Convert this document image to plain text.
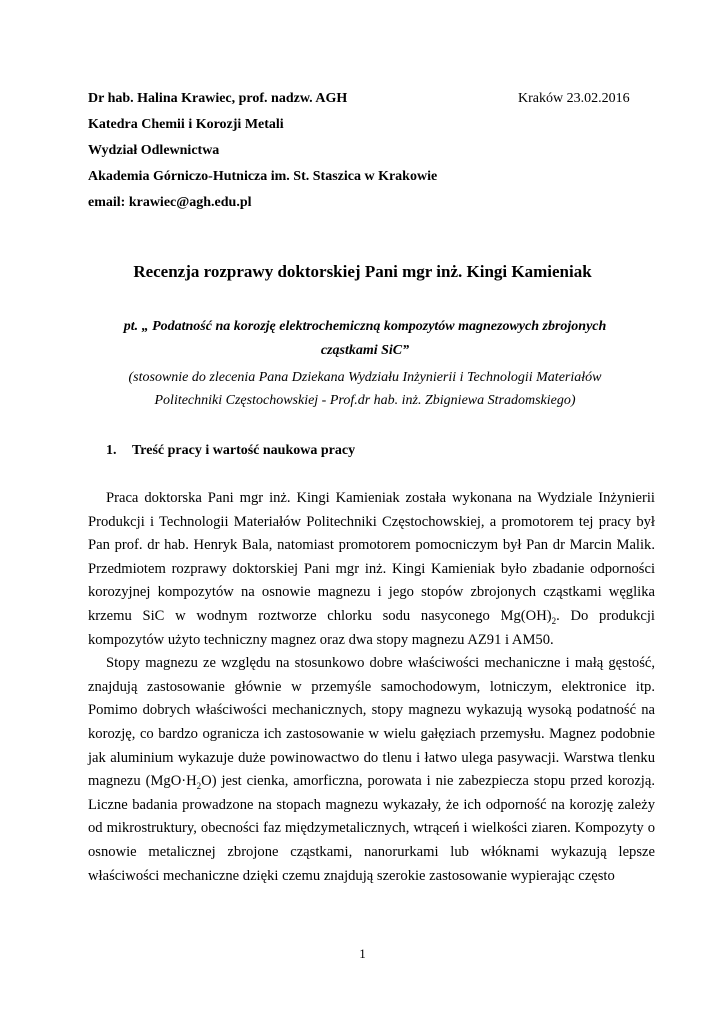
Dr hab. Halina Krawiec, prof. nadzw. AGH
Katedra Chemii i Korozji Metali
Wydział Odlewnictwa
Akademia Górniczo-Hutnicza im. St. Staszica w Krakowie
email: krawiec@agh.edu.pl
Kraków 23.02.2016
Recenzja rozprawy doktorskiej Pani mgr inż. Kingi Kamieniak
pt. „ Podatność na korozję elektrochemiczną kompozytów magnezowych zbrojonych cząstkami SiC”
(stosownie do zlecenia Pana Dziekana Wydziału Inżynierii i Technologii Materiałów Politechniki Częstochowskiej - Prof.dr hab. inż. Zbigniewa Stradomskiego)
1. Treść pracy i wartość naukowa pracy

Praca doktorska Pani mgr inż. Kingi Kamieniak została wykonana na Wydziale Inżynierii Produkcji i Technologii Materiałów Politechniki Częstochowskiej, a promotorem tej pracy był Pan prof. dr hab. Henryk Bala, natomiast promotorem pomocniczym był Pan dr Marcin Malik. Przedmiotem rozprawy doktorskiej Pani mgr inż. Kingi Kamieniak było zbadanie odporności korozyjnej kompozytów na osnowie magnezu i jego stopów zbrojonych cząstkami węglika krzemu SiC w wodnym roztworze chlorku sodu nasyconego $Mg(OH)_2$. Do produkcji kompozytów użyto techniczny magnez oraz dwa stopy magnezu AZ91 i AM50.

Stopy magnezu ze względu na stosunkowo dobre właściwości mechaniczne i małą gęstość, znajdują zastosowanie głównie w przemyśle samochodowym, lotniczym, elektronice itp. Pomimo dobrych właściwości mechanicznych, stopy magnezu wykazują wysoką podatność na korozję, co bardzo ogranicza ich zastosowanie w wielu gałęziach przemysłu. Magnez podobnie jak aluminium wykazuje duże powinowactwo do tlenu i łatwo ulega pasywacji. Warstwa tlenku magnezu $(MgO\cdot H_2O)$ jest cienka, amorficzna, porowata i nie zabezpiecza stopu przed korozją. Liczne badania prowadzone na stopach magnezu wykazały, że ich odporność na korozję zależy od mikrostruktury, obecności faz międzymetalicznych, wtrąceń i wielkości ziaren. Kompozyty o osnowie metalicznej zbrojone cząstkami, nanorurkami lub włóknami wykazują lepsze właściwości mechaniczne dzięki czemu znajdują szerokie zastosowanie wypierając często

1
